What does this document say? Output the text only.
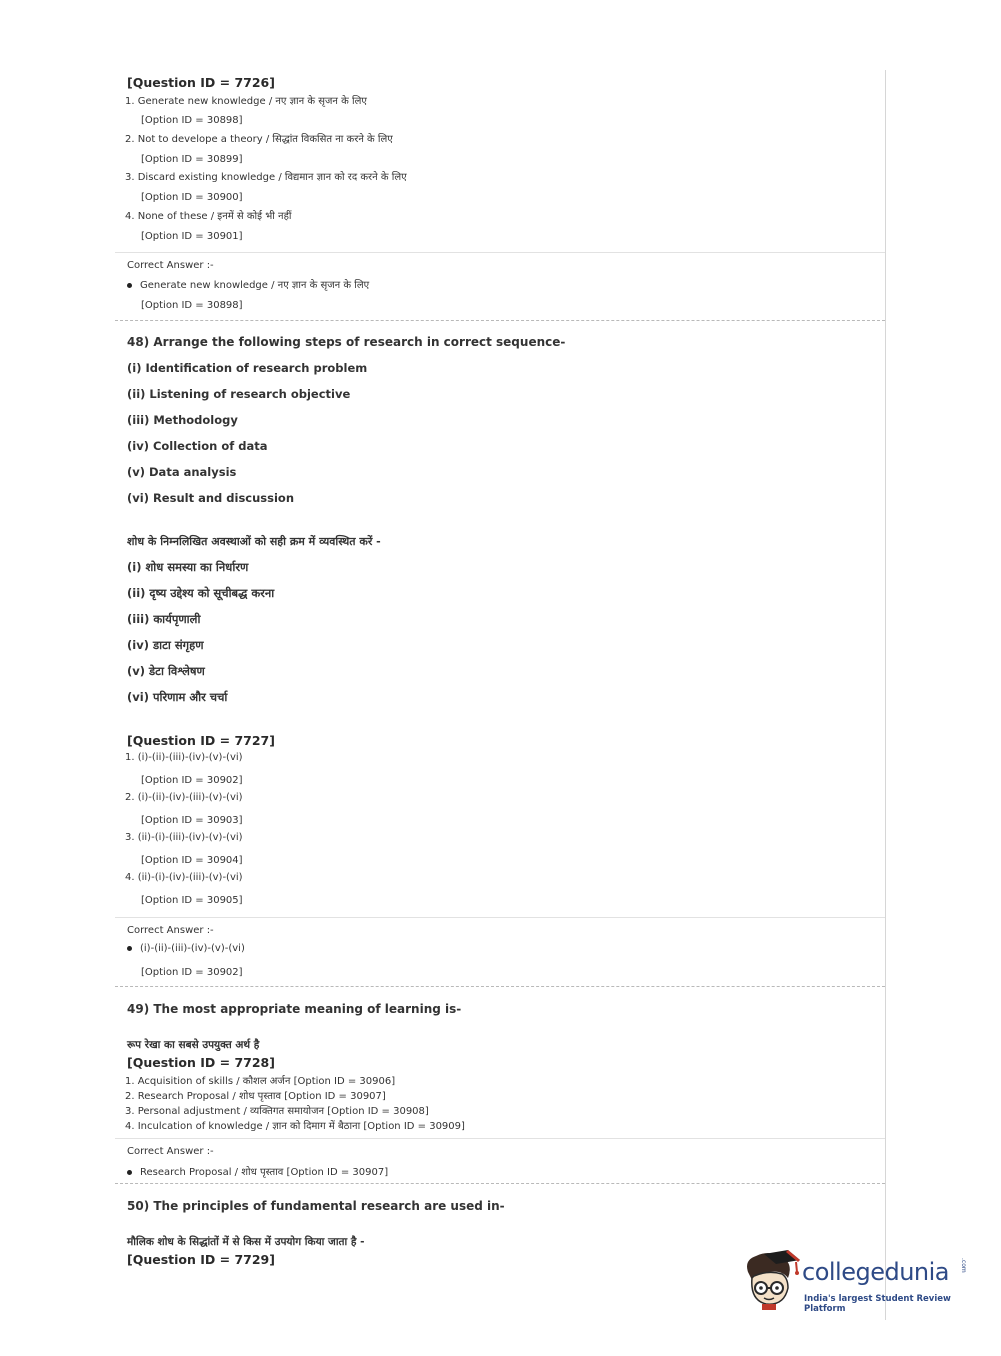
[Question ID = 7726]
1. Generate new knowledge / नए ज्ञान के सृजन के लिए
[Option ID = 30898]
2. Not to develope a theory / सिद्धांत विकसित ना करने के लिए
[Option ID = 30899]
3. Discard existing knowledge / विद्यमान ज्ञान को रद करने के लिए
[Option ID = 30900]
4. None of these / इनमें से कोई भी नहीं
[Option ID = 30901]
Correct Answer :-
Generate new knowledge / नए ज्ञान के सृजन के लिए
[Option ID = 30898]
48) Arrange the following steps of research in correct sequence-
(i) Identification of research problem
(ii) Listening of research objective
(iii) Methodology
(iv) Collection of data
(v) Data analysis
(vi) Result and discussion
शोध के निम्नलिखित अवस्थाओं को सही क्रम में व्यवस्थित करें -
(i) शोध समस्या का निर्धारण
(ii) दृष्य उद्देश्य को सूचीबद्ध करना
(iii) कार्यपृणाली
(iv) डाटा संगृहण
(v) डेटा विश्लेषण
(vi) परिणाम और चर्चा
[Question ID = 7727]
1. (i)-(ii)-(iii)-(iv)-(v)-(vi)
[Option ID = 30902]
2. (i)-(ii)-(iv)-(iii)-(v)-(vi)
[Option ID = 30903]
3. (ii)-(i)-(iii)-(iv)-(v)-(vi)
[Option ID = 30904]
4. (ii)-(i)-(iv)-(iii)-(v)-(vi)
[Option ID = 30905]
Correct Answer :-
(i)-(ii)-(iii)-(iv)-(v)-(vi)
[Option ID = 30902]
49) The most appropriate meaning of learning is-
रूप रेखा का सबसे उपयुक्त अर्थ है
[Question ID = 7728]
1. Acquisition of skills / कौशल अर्जन [Option ID = 30906]
2. Research Proposal / शोध पृस्ताव [Option ID = 30907]
3. Personal adjustment / व्यक्तिगत समायोजन [Option ID = 30908]
4. Inculcation of knowledge / ज्ञान को दिमाग में बैठाना [Option ID = 30909]
Correct Answer :-
Research Proposal / शोध पृस्ताव [Option ID = 30907]
50) The principles of fundamental research are used in-
मौलिक शोध के सिद्धांतों में से किस में उपयोग किया जाता है -
[Question ID = 7729]	collegedunia .com
India's largest Student Review Platform
